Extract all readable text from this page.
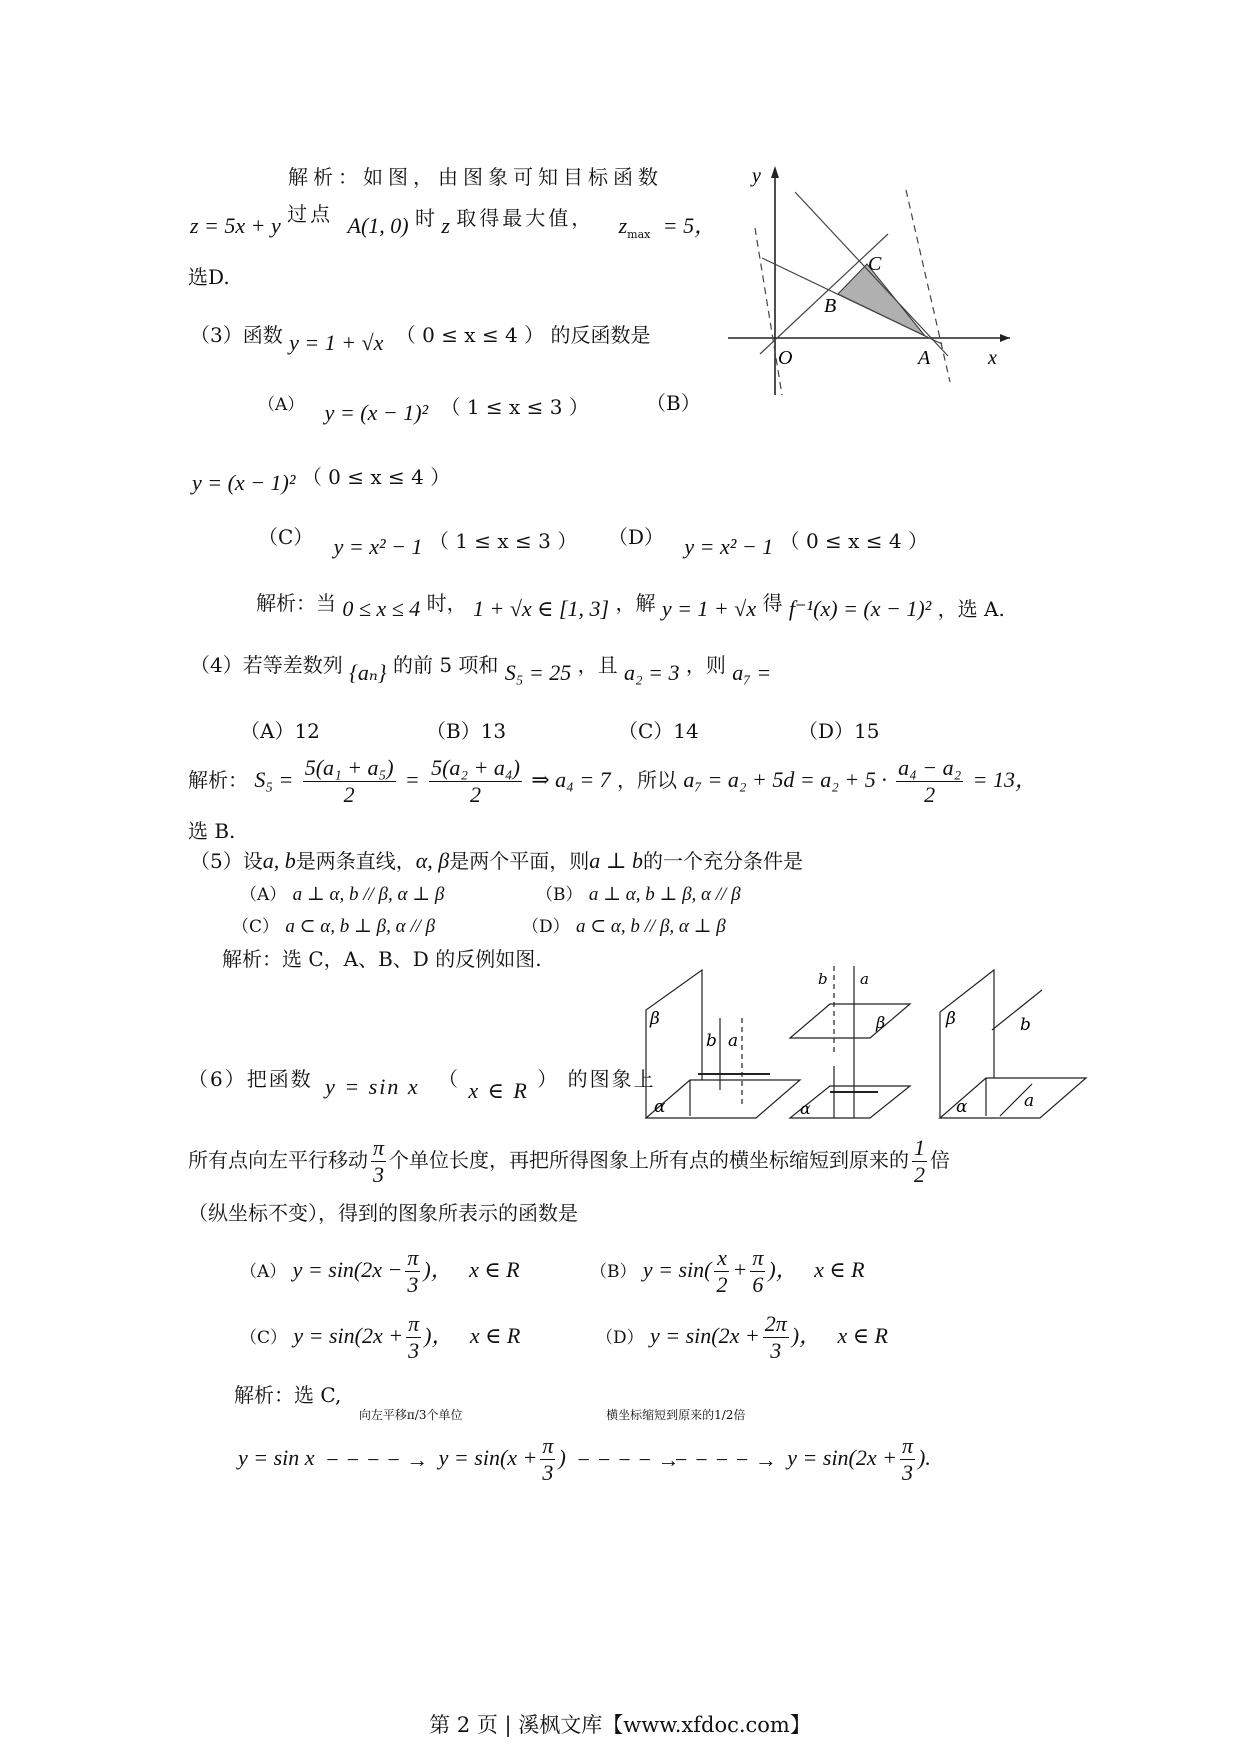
解析：如图，由图象可知目标函数
z = 5x + y 过点 A(1, 0) 时 z 取得最大值， $z_{max} = 5$，
选D.
y
x
O	A
B
C
（3）函数 y = 1 + √x （ 0 ≤ x ≤ 4 ） 的反函数是
$^{(A)}$ y = (x − 1)² （ 1 ≤ x ≤ 3 ）	（B）
y = (x − 1)² （ 0 ≤ x ≤ 4 ）
（C） y = x² − 1 （ 1 ≤ x ≤ 3 ） （D） y = x² − 1 （ 0 ≤ x ≤ 4 ）
解析：当 0 ≤ x ≤ 4 时， 1 + √x ∈ [1, 3] ，解 y = 1 + √x 得 f⁻¹(x) = (x − 1)² ，选 A.
（4）若等差数列 {aₙ} 的前 5 项和 S₅ = 25 ，且 a₂ = 3 ，则 a₇ =
（A）12	（B）13	（C）14	（D）15
解析： $S_5 = \frac{\text{5(a₁ + a₅)}}{2} = \frac{\text{5(a₂ + a₄)}}{2}$ ⇒ a₄ = 7 ，所以 $a_7 = a_2 + 5d = a_2 + 5 \cdot \frac{\text{a₄ − a₂}}{2} = 13$，
选 B.
（5）设a, b是两条直线，α, β是两个平面，则a ⊥ b的一个充分条件是
（A） a ⊥ α, b // β, α ⊥ β	（B） a ⊥ α, b ⊥ β, α // β
（C） a ⊂ α, b ⊥ β, α // β	（D） a ⊂ α, b // β, α ⊥ β
解析：选 C，A、B、D 的反例如图.
β
α
b a
b a
β
α
β	b
α	a
（6）把函数 y = sin x （ x ∈ R ） 的图象上
所有点向左平行移动 $\frac{\pi}{3}$ 个单位长度，再把所得图象上所有点的横坐标缩短到原来的 $\frac{1}{2}$ 倍
（纵坐标不变），得到的图象所表示的函数是
（A） $y = \sin(2x - \frac{\pi}{3}$ )， x ∈ R	（B） $y = \sin( \frac{x}{2} + \frac{\pi}{6}$ )， x ∈ R
（C） $y = \sin(2x + \frac{\pi}{3}$ )， x ∈ R	（D） $y = \sin(2x + \frac{2\pi}{3}$ )， x ∈ R
解析：选 C,
y = sin x
向左平移π/3个单位
− − − − → $y = \sin(x + \frac{\pi}{3}$ )
横坐标缩短到原来的1/2倍
− − − − →− − − − → $y = \sin(2x + \frac{\pi}{3}$ ).
第 2 页 | 溪枫文库【www.xfdoc.com】
